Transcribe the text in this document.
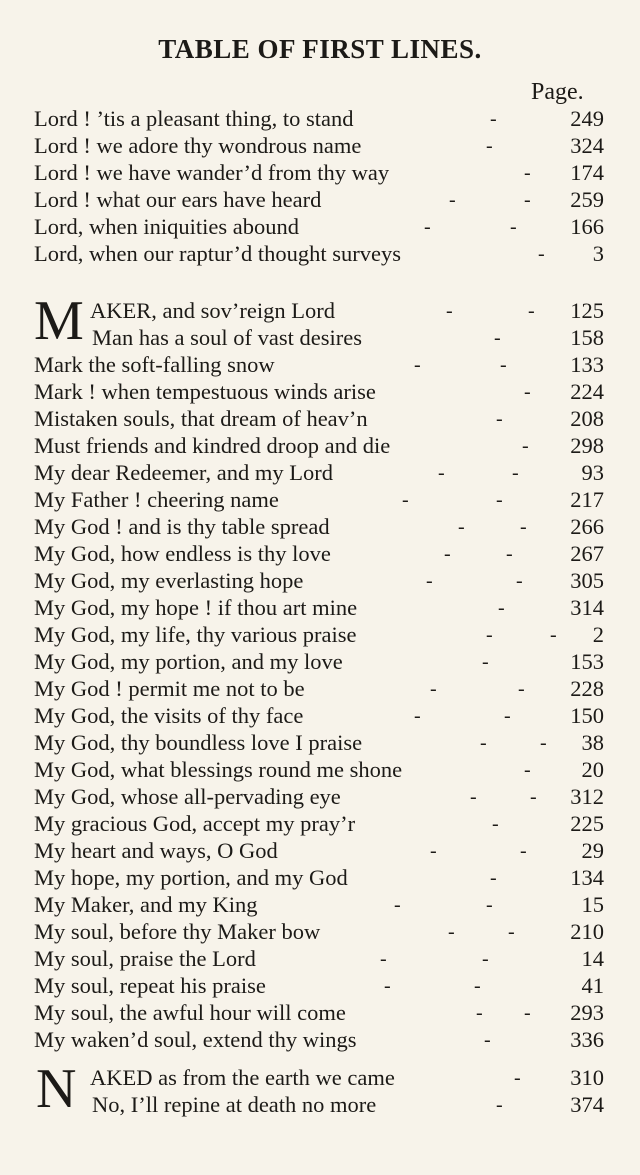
TABLE OF FIRST LINES.
Page.
Lord ! ’tis a pleasant thing, to stand	-	249
Lord ! we adore thy wondrous name	-	324
Lord ! we have wander’d from thy way	- 174
Lord ! what our ears have heard	-	- 259
Lord, when iniquities abound	-	- 166
Lord, when our raptur’d thought surveys	- 3
M AKER, and sov’reign Lord	-	- 125
Man has a soul of vast desires	-	158
Mark the soft-falling snow	-	-	133
Mark ! when tempestuous winds arise	- 224
Mistaken souls, that dream of heav’n	-	208
Must friends and kindred droop and die	- 298
My dear Redeemer, and my Lord	-	-	93
My Father ! cheering name	-	-	217
My God ! and is thy table spread	-	- 266
My God, how endless is thy love	-	-	267
My God, my everlasting hope	-	- 305
My God, my hope ! if thou art mine	-	314
My God, my life, thy various praise	-	- 2
My God, my portion, and my love	-	153
My God ! permit me not to be	-	- 228
My God, the visits of thy face	-	-	150
My God, thy boundless love I praise	-	- 38
My God, what blessings round me shone	- 20
My God, whose all-pervading eye	-	- 312
My gracious God, accept my pray’r	-	225
My heart and ways, O God	-	- 29
My hope, my portion, and my God	-	134
My Maker, and my King	-	-	15
My soul, before thy Maker bow	-	- 210
My soul, praise the Lord	-	-	14
My soul, repeat his praise	-	-	41
My soul, the awful hour will come	- - 293
My waken’d soul, extend thy wings	-	336
N AKED as from the earth we came	- 310
No, I’ll repine at death no more	-	374
